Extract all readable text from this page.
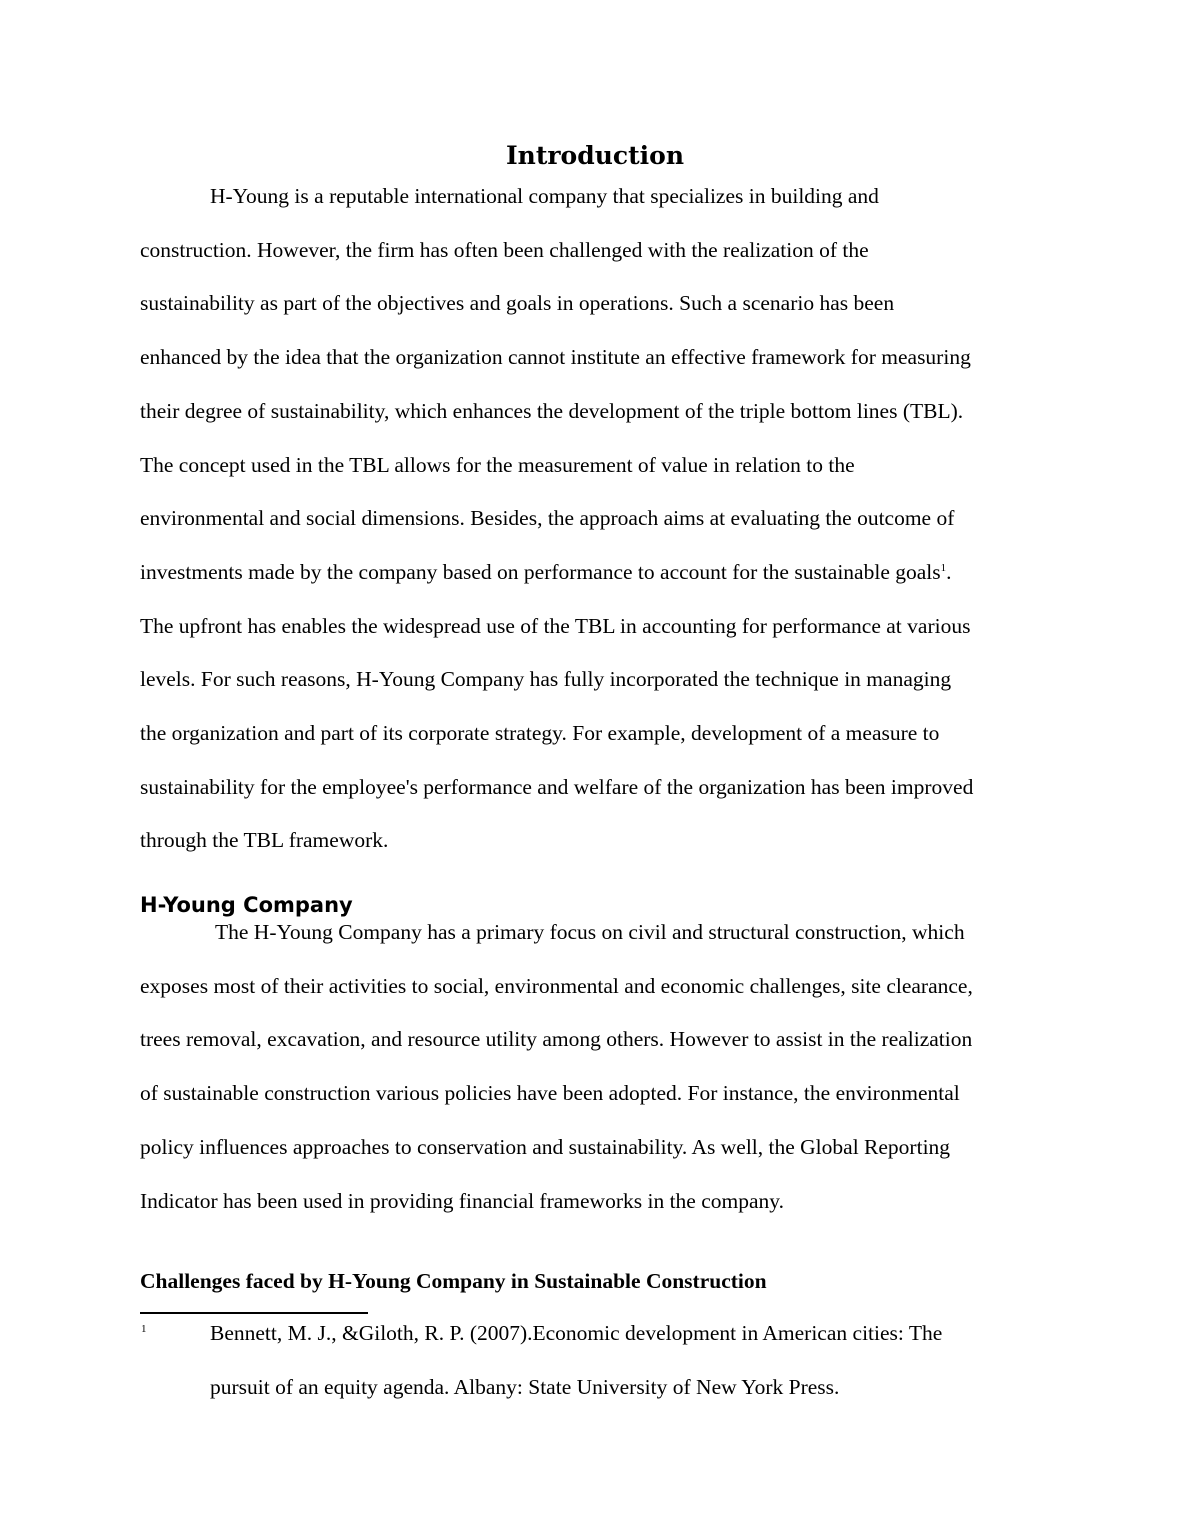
Introduction

H-Young is a reputable international company that specializes in building and
construction. However, the firm has often been challenged with the realization of the
sustainability as part of the objectives and goals in operations. Such a scenario has been
enhanced by the idea that the organization cannot institute an effective framework for measuring
their degree of sustainability, which enhances the development of the triple bottom lines (TBL).
The concept used in the TBL allows for the measurement of value in relation to the
environmental and social dimensions. Besides, the approach aims at evaluating the outcome of
investments made by the company based on performance to account for the sustainable goals$^1$.
The upfront has enables the widespread use of the TBL in accounting for performance at various
levels. For such reasons, H-Young Company has fully incorporated the technique in managing
the organization and part of its corporate strategy. For example, development of a measure to
sustainability for the employee's performance and welfare of the organization has been improved
through the TBL framework.

H-Young Company

The H-Young Company has a primary focus on civil and structural construction, which
exposes most of their activities to social, environmental and economic challenges, site clearance,
trees removal, excavation, and resource utility among others. However to assist in the realization
of sustainable construction various policies have been adopted. For instance, the environmental
policy influences approaches to conservation and sustainability. As well, the Global Reporting
Indicator has been used in providing financial frameworks in the company.

Challenges faced by H-Young Company in Sustainable Construction
1	Bennett, M. J., &Giloth, R. P. (2007).Economic development in American cities: The
pursuit of an equity agenda. Albany: State University of New York Press.
